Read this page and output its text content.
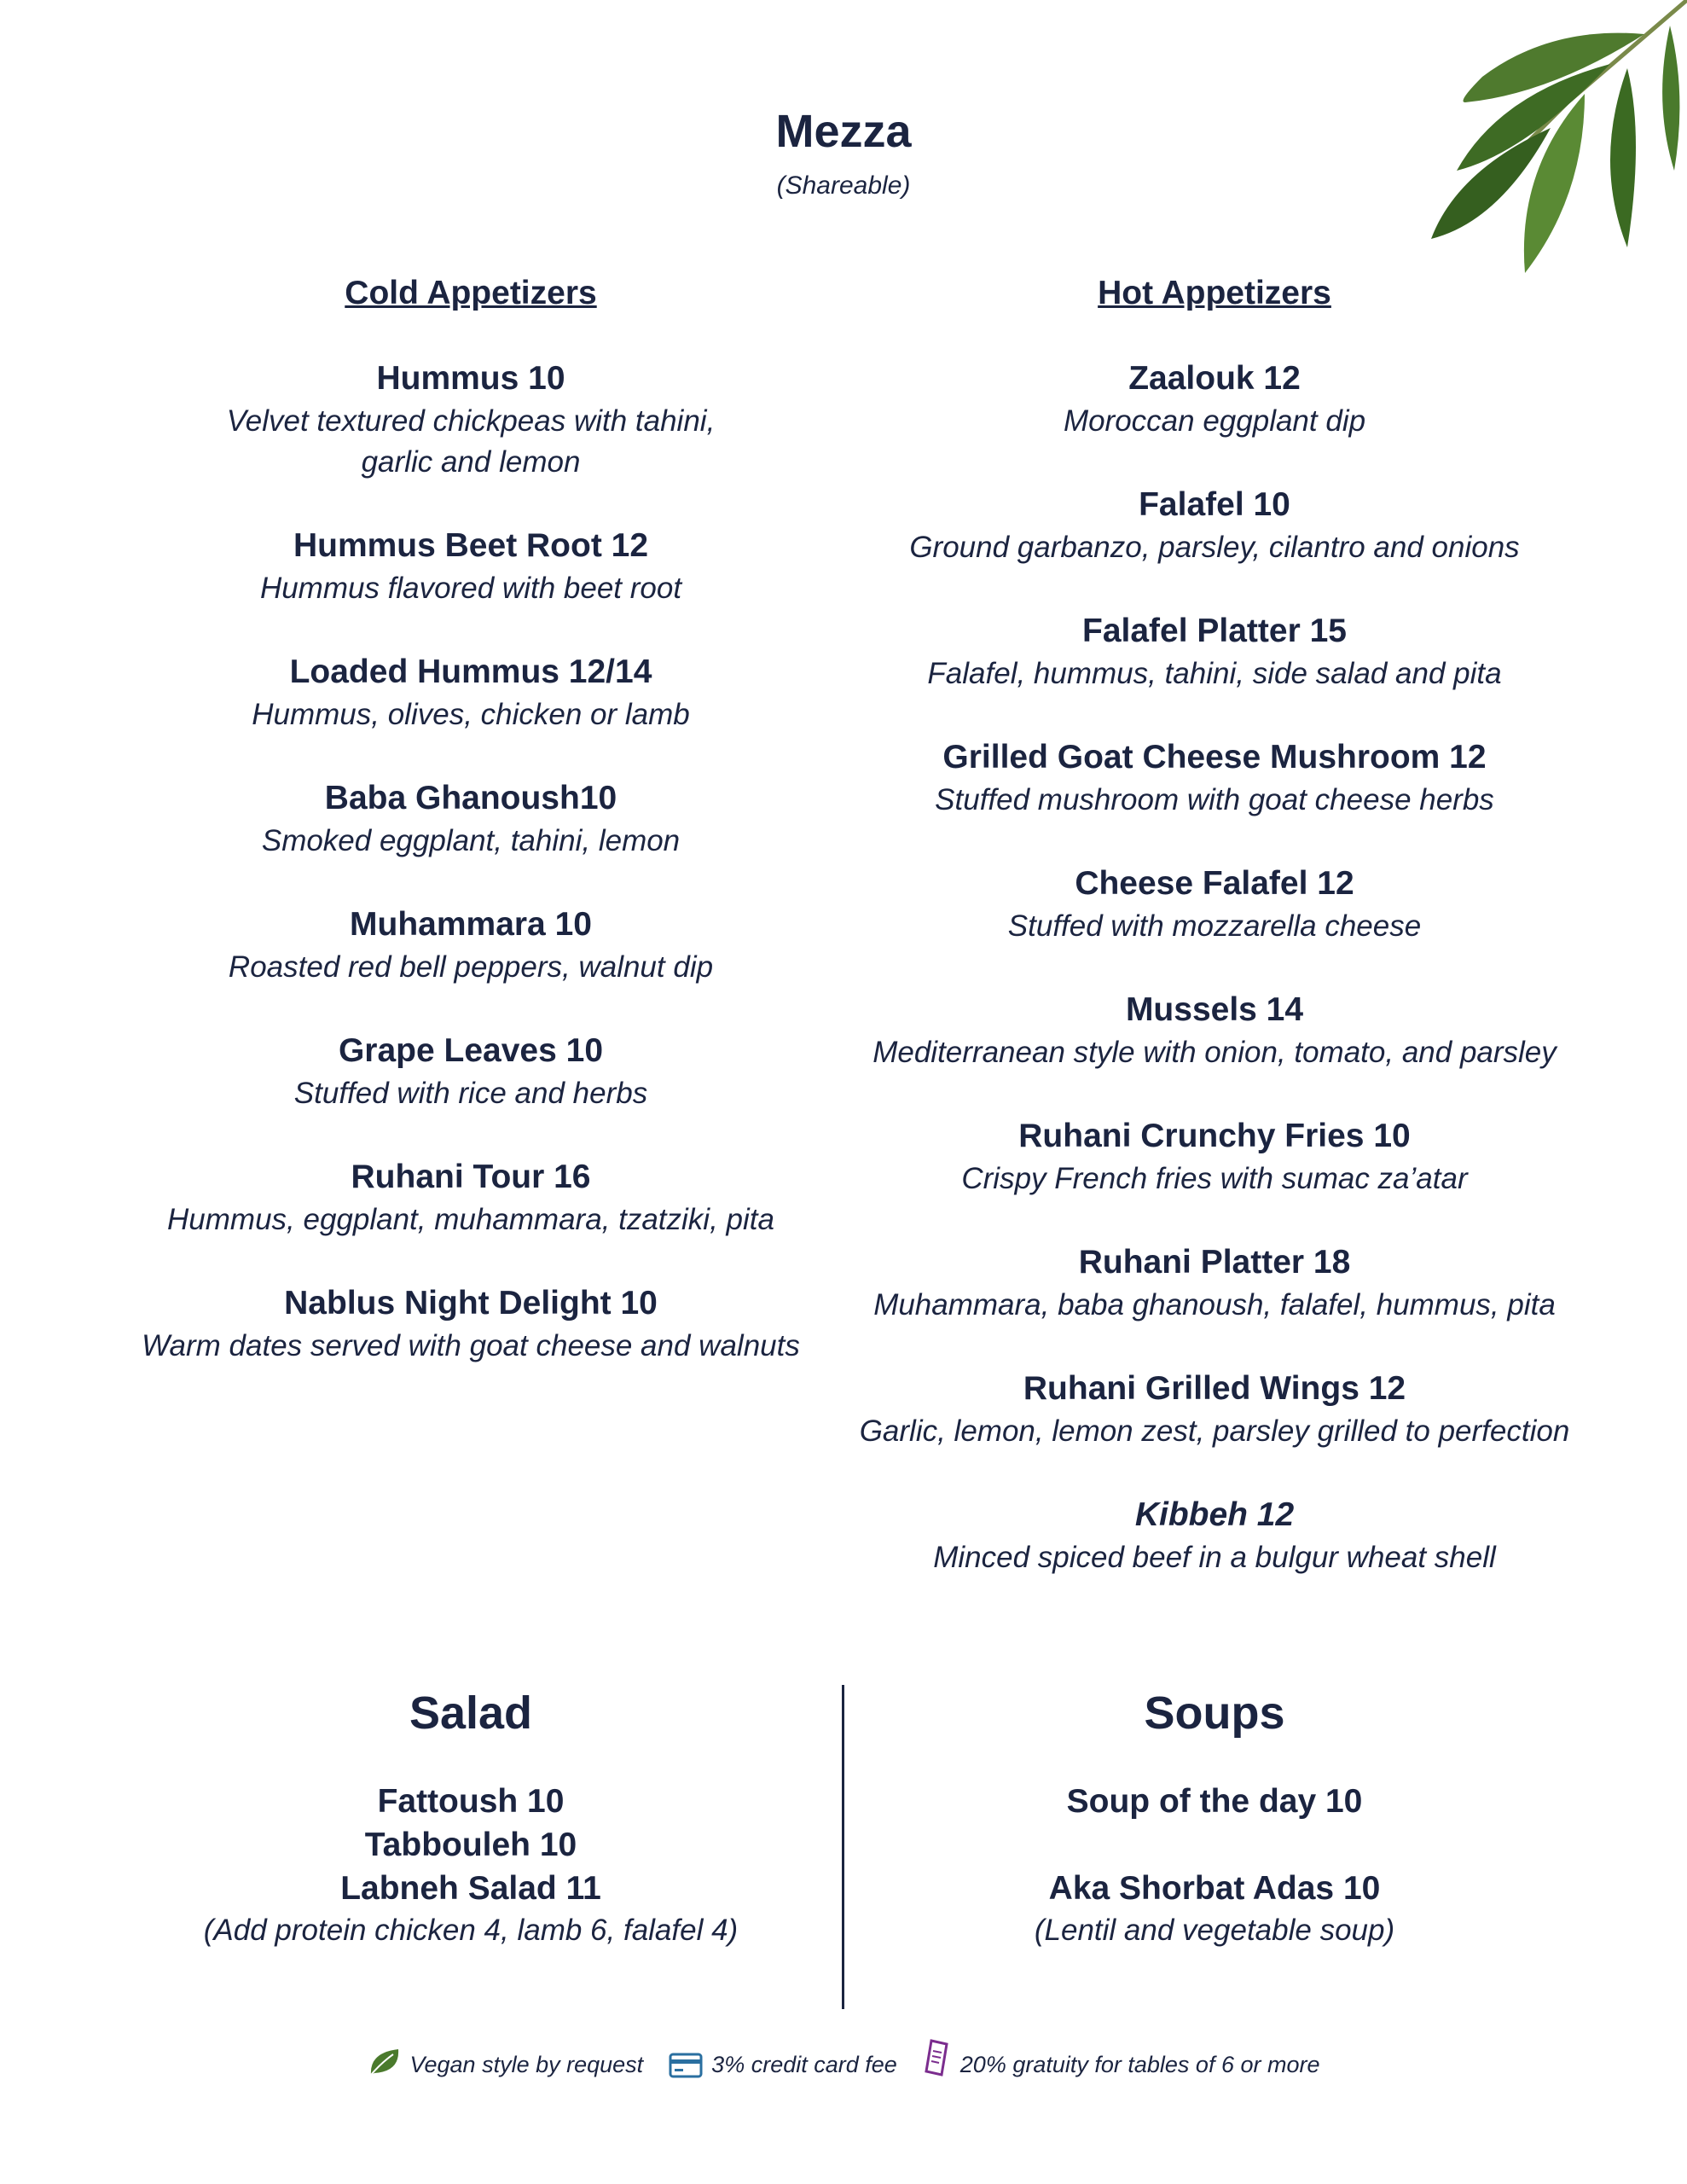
Mezza
(Shareable)
Cold Appetizers
Hummus 10
Velvet textured chickpeas with tahini, garlic and lemon
Hummus Beet Root 12
Hummus flavored with beet root
Loaded Hummus 12/14
Hummus, olives, chicken or lamb
Baba Ghanoush10
Smoked eggplant, tahini, lemon
Muhammara 10
Roasted red bell peppers, walnut dip
Grape Leaves 10
Stuffed with rice and herbs
Ruhani Tour 16
Hummus, eggplant, muhammara, tzatziki, pita
Nablus Night Delight 10
Warm dates served with goat cheese and walnuts
Hot Appetizers
Zaalouk 12
Moroccan eggplant dip
Falafel 10
Ground garbanzo, parsley, cilantro and onions
Falafel Platter 15
Falafel, hummus, tahini, side salad and pita
Grilled Goat Cheese Mushroom 12
Stuffed mushroom with goat cheese herbs
Cheese Falafel 12
Stuffed with mozzarella cheese
Mussels 14
Mediterranean style with onion, tomato, and parsley
Ruhani Crunchy Fries 10
Crispy French fries with sumac za’atar
Ruhani Platter 18
Muhammara, baba ghanoush, falafel, hummus, pita
Ruhani Grilled Wings 12
Garlic, lemon, lemon zest, parsley grilled to perfection
Kibbeh 12
Minced spiced beef in a bulgur wheat shell
Salad
Fattoush 10
Tabbouleh 10
Labneh Salad 11
(Add protein chicken 4, lamb 6, falafel 4)
Soups
Soup of the day 10
Aka Shorbat Adas 10
(Lentil and vegetable soup)
Vegan style by request	3% credit card fee	20% gratuity for tables of 6 or more
